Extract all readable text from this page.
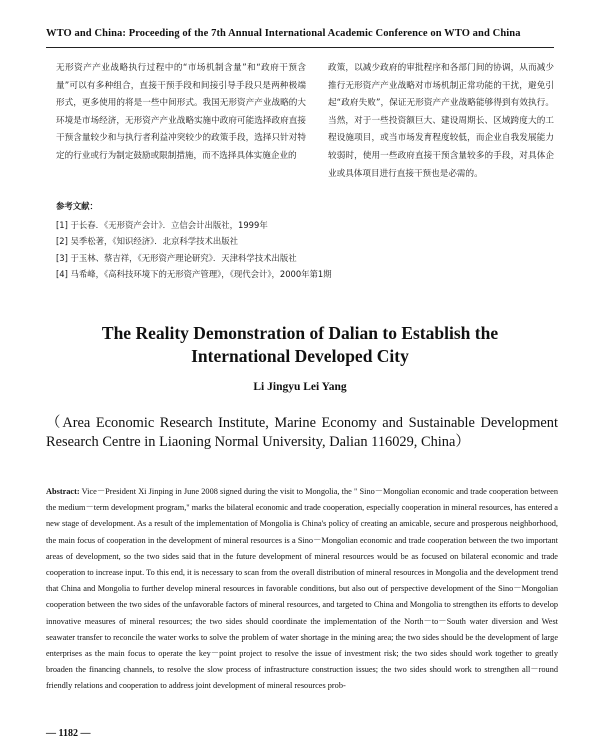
WTO and China: Proceeding of the 7th Annual International Academic Conference on WTO and China
无形资产产业战略执行过程中的“市场机制含量”和“政府干预含量”可以有多种组合，直接干预手段和间接引导手段只是两种极端形式，更多使用的将是一些中间形式。我国无形资产产业战略的大环境是市场经济，无形资产产业战略实施中政府可能选择政府直接干预含量较少和与执行者利益冲突较少的政策手段，选择只针对特定的行业或行为制定鼓励或限制措施，而不选择具体实施企业的
政策，以减少政府的审批程序和各部门间的协调，从而减少推行无形资产产业战略对市场机制正常功能的干扰，避免引起“政府失败”，保证无形资产产业战略能够得到有效执行。当然，对于一些投资额巨大、建设周期长、区域跨度大的工程设施项目，或当市场发育程度较低，而企业自我发展能力较弱时，使用一些政府直接干预含量较多的手段，对具体企业或具体项目进行直接干预也是必需的。
参考文献：
[1] 于长春．《无形资产会计》．立信会计出版社，1999年
[2] 吴季松著，《知识经济》．北京科学技术出版社
[3] 于玉林、蔡吉祥，《无形资产理论研究》．天津科学技术出版社
[4] 马希峰，《高科技环境下的无形资产管理》，《现代会计》，2000年第1期
The Reality Demonstration of Dalian to Establish the
International Developed City
Li Jingyu Lei Yang
（Area Economic Research Institute, Marine Economy and Sustainable Development Research Centre in Liaoning Normal University, Dalian 116029, China）
Abstract: Vice－President Xi Jinping in June 2008 signed during the visit to Mongolia, the " Sino－Mongolian economic and trade cooperation between the medium－term development program," marks the bilateral economic and trade cooperation, especially cooperation in mineral resources, has entered a new stage of development. As a result of the implementation of Mongolia is China's policy of creating an amicable, secure and prosperous neighborhood, the main focus of cooperation in the development of mineral resources is a Sino－Mongolian economic and trade cooperation between the two important areas of development, so the two sides said that in the future development of mineral resources would be as focused on bilateral economic and trade cooperation to increase input. To this end, it is necessary to scan from the overall distribution of mineral resources in Mongolia and the development trend that China and Mongolia to further develop mineral resources in favorable conditions, but also out of perspective development of the Sino－Mongolian cooperation between the two sides of the unfavorable factors of mineral resources, and targeted to China and Mongolia to strengthen its efforts to develop innovative measures of mineral resources; the two sides should coordinate the implementation of the North－to－South water diversion and West seawater transfer to reconcile the water works to solve the problem of water shortage in the mining area; the two sides should be the development of large enterprises as the main focus to operate the key－point project to resolve the issue of investment risk; the two sides should work together to greatly broaden the financing channels, to resolve the slow process of infrastructure construction issues; the two sides should work to strengthen all－round friendly relations and cooperation to address joint development of mineral resources prob-
— 1182 —
